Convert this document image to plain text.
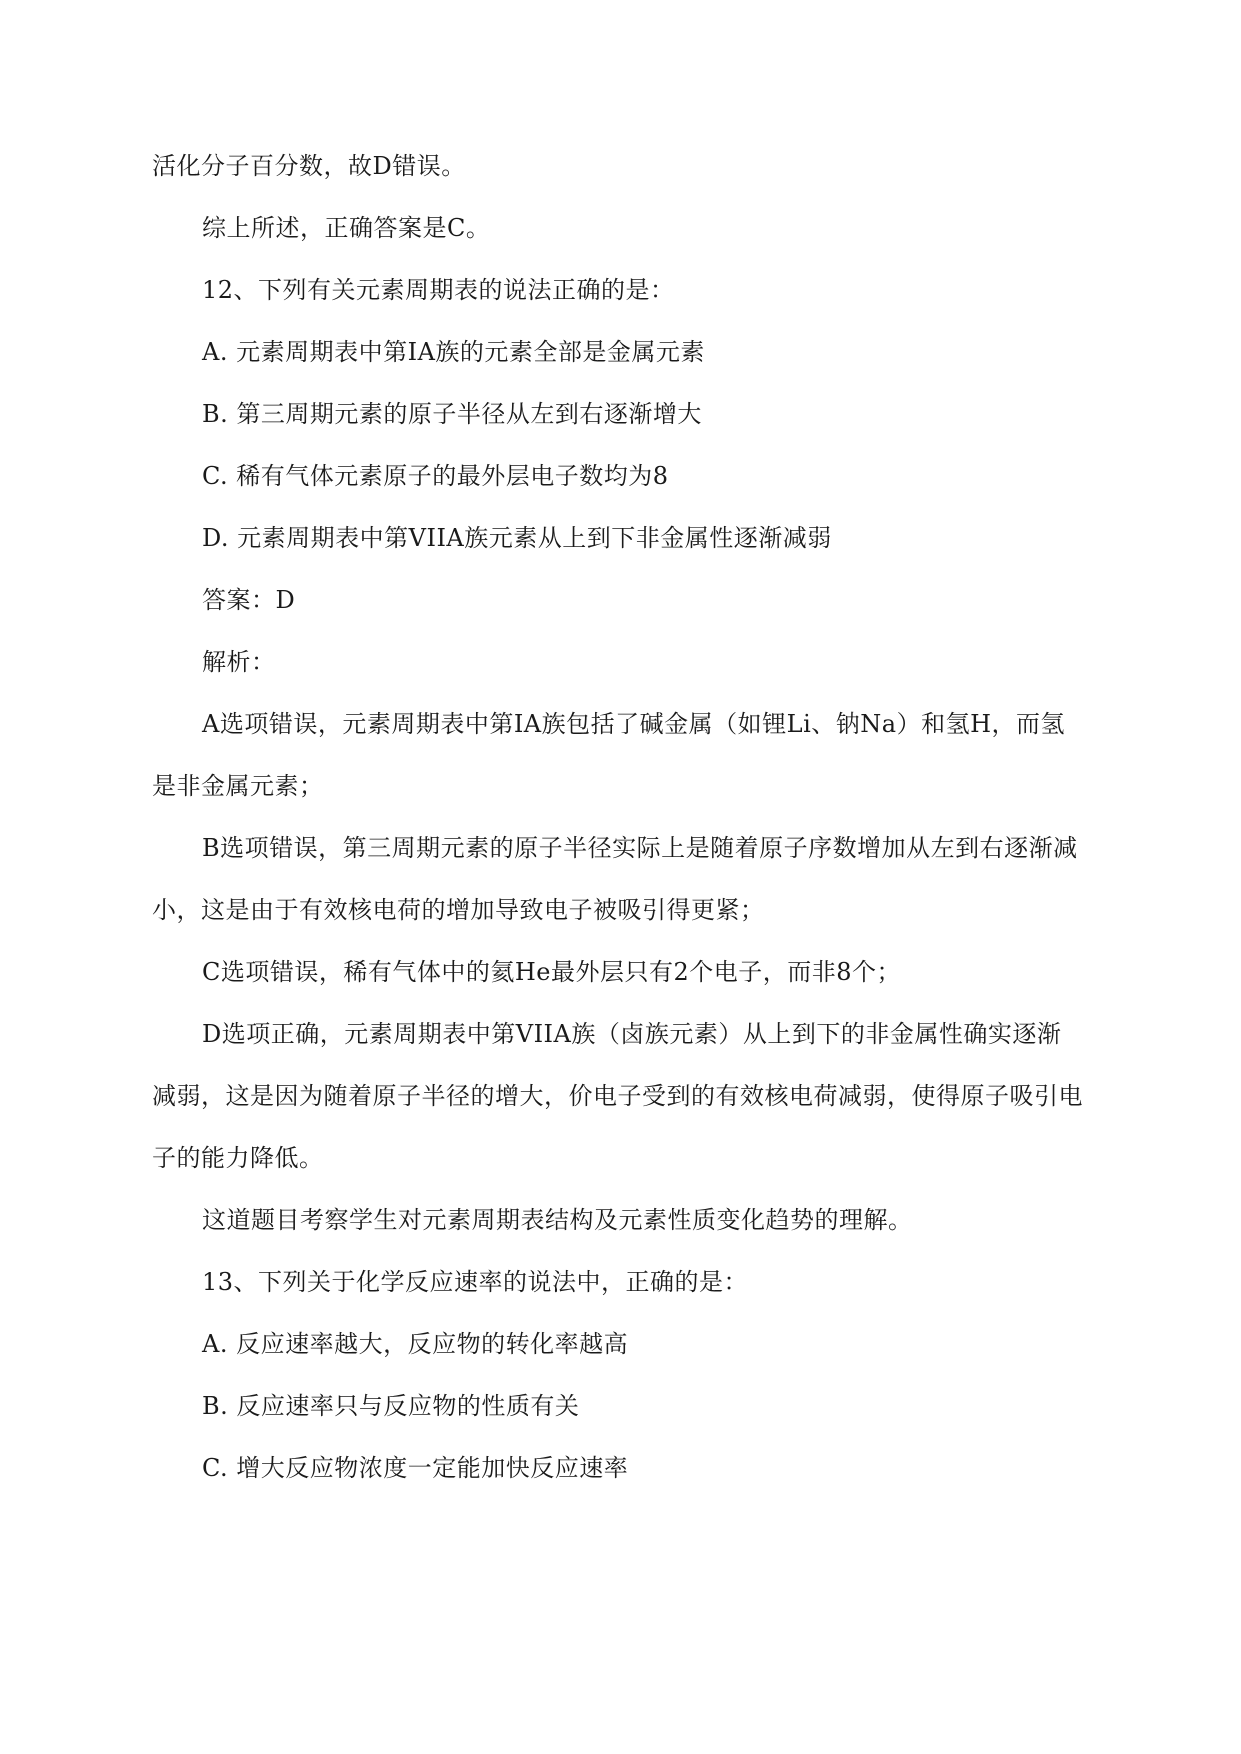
活化分子百分数，故D错误。
综上所述，正确答案是C。
12、下列有关元素周期表的说法正确的是：
A. 元素周期表中第IA族的元素全部是金属元素
B. 第三周期元素的原子半径从左到右逐渐增大
C. 稀有气体元素原子的最外层电子数均为8
D. 元素周期表中第VIIA族元素从上到下非金属性逐渐减弱
答案：D
解析：
A选项错误，元素周期表中第IA族包括了碱金属（如锂Li、钠Na）和氢H，而氢
是非金属元素；
B选项错误，第三周期元素的原子半径实际上是随着原子序数增加从左到右逐渐减
小，这是由于有效核电荷的增加导致电子被吸引得更紧；
C选项错误，稀有气体中的氦He最外层只有2个电子，而非8个；
D选项正确，元素周期表中第VIIA族（卤族元素）从上到下的非金属性确实逐渐
减弱，这是因为随着原子半径的增大，价电子受到的有效核电荷减弱，使得原子吸引电
子的能力降低。
这道题目考察学生对元素周期表结构及元素性质变化趋势的理解。
13、下列关于化学反应速率的说法中，正确的是：
A. 反应速率越大，反应物的转化率越高
B. 反应速率只与反应物的性质有关
C. 增大反应物浓度一定能加快反应速率
